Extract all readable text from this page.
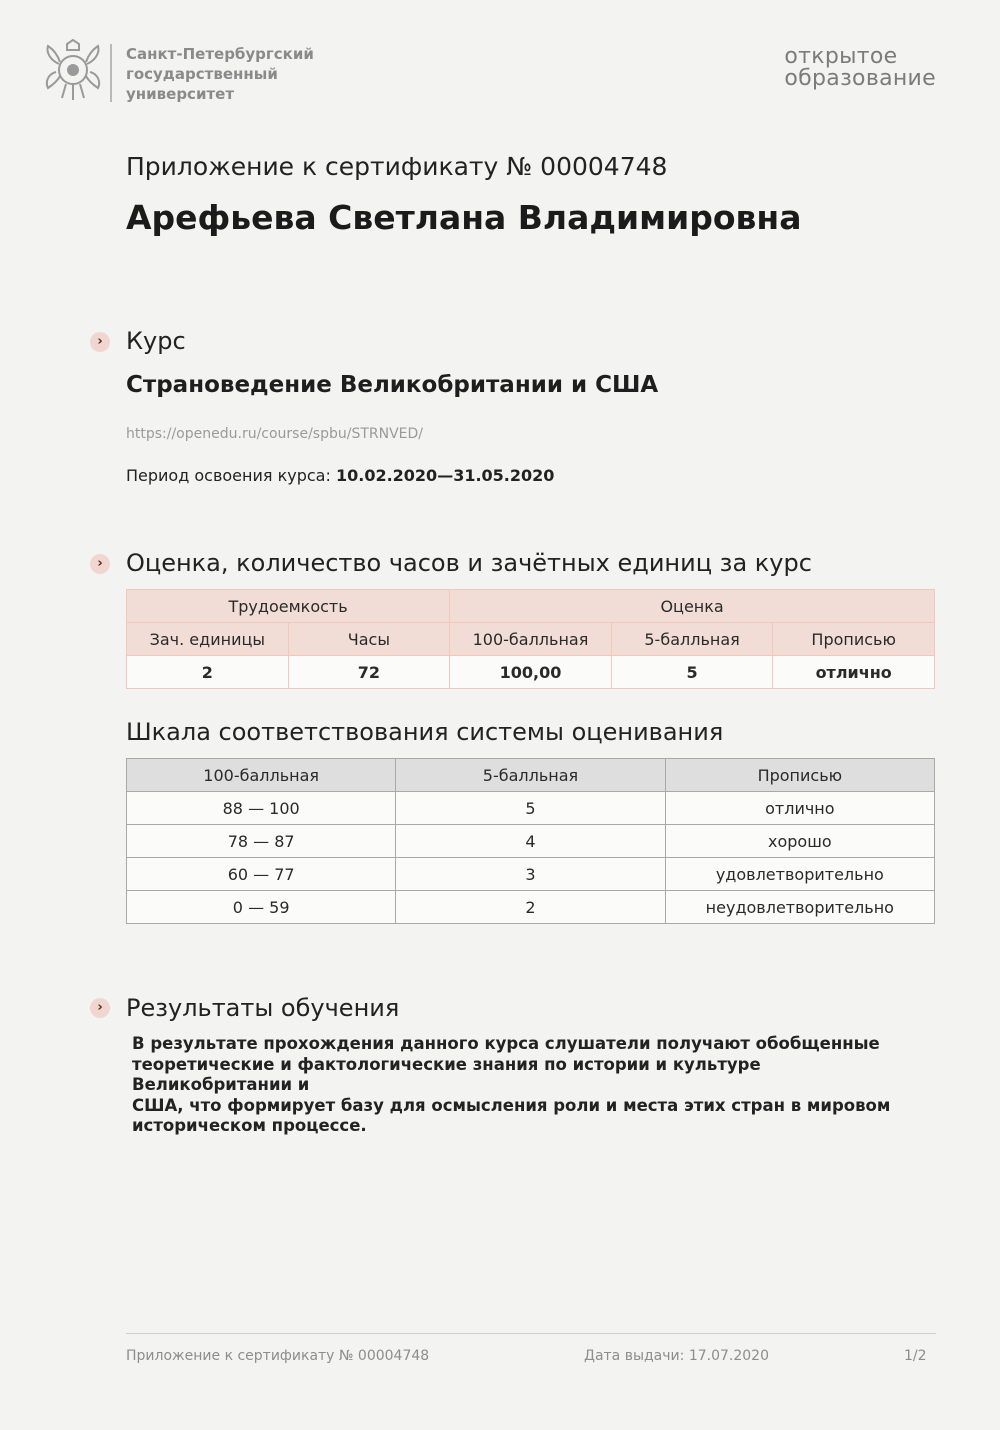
Санкт-Петербургский
государственный
университет
открытое
образование
Приложение к сертификату № 00004748
Арефьева Светлана Владимировна
› Курс
Страноведение Великобритании и США
https://openedu.ru/course/spbu/STRNVED/
Период освоения курса: 10.02.2020—31.05.2020
› Оценка, количество часов и зачётных единиц за курс
Трудоемкость		Оценка		
Зач. единицы	Часы	100-балльная	5-балльная	Прописью
2	72	100,00	5	отлично
Шкала соответствования системы оценивания
100-балльная	5-балльная	Прописью
88 — 100	5	отлично
78 — 87	4	хорошо
60 — 77	3	удовлетворительно
0 — 59	2	неудовлетворительно
› Результаты обучения
В результате прохождения данного курса слушатели получают обобщенные
теоретические и фактологические знания по истории и культуре Великобритании и
США, что формирует базу для осмысления роли и места этих стран в мировом
историческом процессе.
Приложение к сертификату № 00004748	Дата выдачи: 17.07.2020	1/2
